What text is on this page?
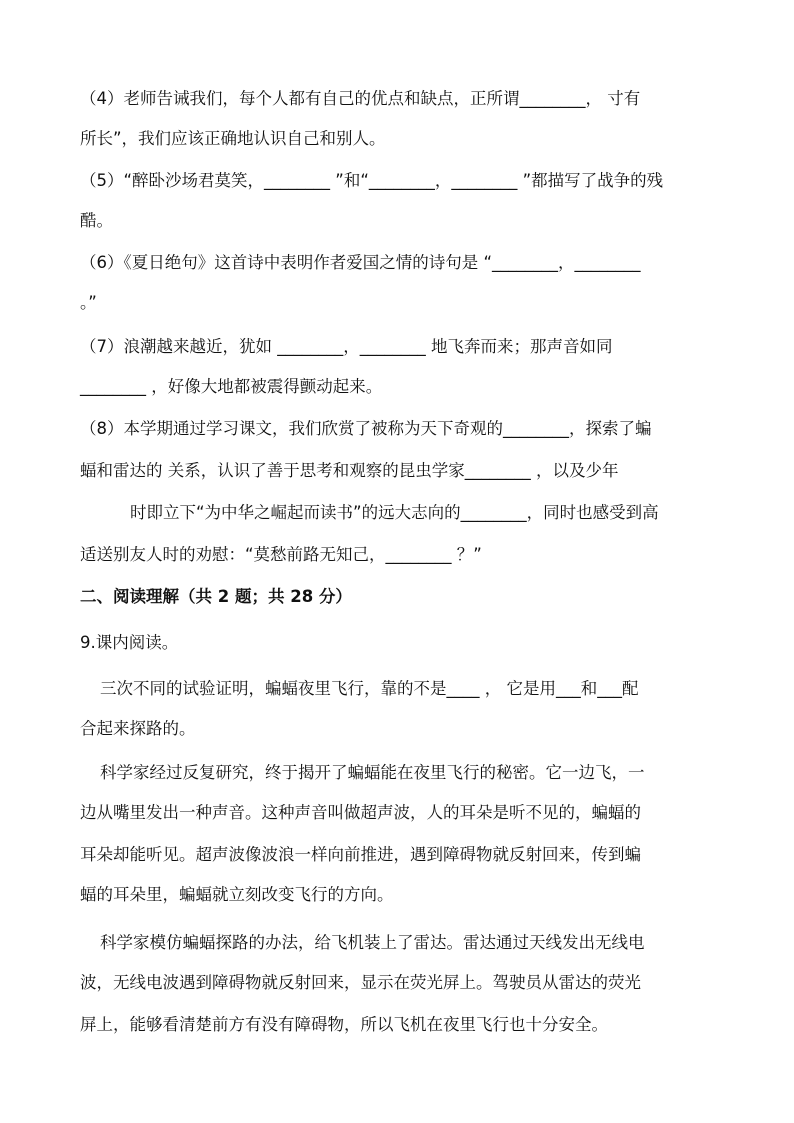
（4）老师告诫我们，每个人都有自己的优点和缺点，正所谓________， 寸有
所长”，我们应该正确地认识自己和别人。
（5）“醉卧沙场君莫笑，________ ”和“________，________ ”都描写了战争的残
酷。
（6）《夏日绝句》这首诗中表明作者爱国之情的诗句是 “________，________
。”
（7）浪潮越来越近，犹如 ________，________ 地飞奔而来；那声音如同
________ ，好像大地都被震得颤动起来。
（8）本学期通过学习课文，我们欣赏了被称为天下奇观的________，探索了蝙
蝠和雷达的 关系，认识了善于思考和观察的昆虫学家________ ，以及少年
时即立下“为中华之崛起而读书”的远大志向的________，同时也感受到高
适送别友人时的劝慰：“莫愁前路无知己，________ ？”
二、阅读理解（共 2 题；共 28 分）
9.课内阅读。
三次不同的试验证明，蝙蝠夜里飞行，靠的不是____ ， 它是用___和___配
合起来探路的。
科学家经过反复研究，终于揭开了蝙蝠能在夜里飞行的秘密。它一边飞，一
边从嘴里发出一种声音。这种声音叫做超声波，人的耳朵是听不见的，蝙蝠的
耳朵却能听见。超声波像波浪一样向前推进，遇到障碍物就反射回来，传到蝙
蝠的耳朵里，蝙蝠就立刻改变飞行的方向。
科学家模仿蝙蝠探路的办法，给飞机装上了雷达。雷达通过天线发出无线电
波，无线电波遇到障碍物就反射回来，显示在荧光屏上。驾驶员从雷达的荧光
屏上，能够看清楚前方有没有障碍物，所以飞机在夜里飞行也十分安全。
